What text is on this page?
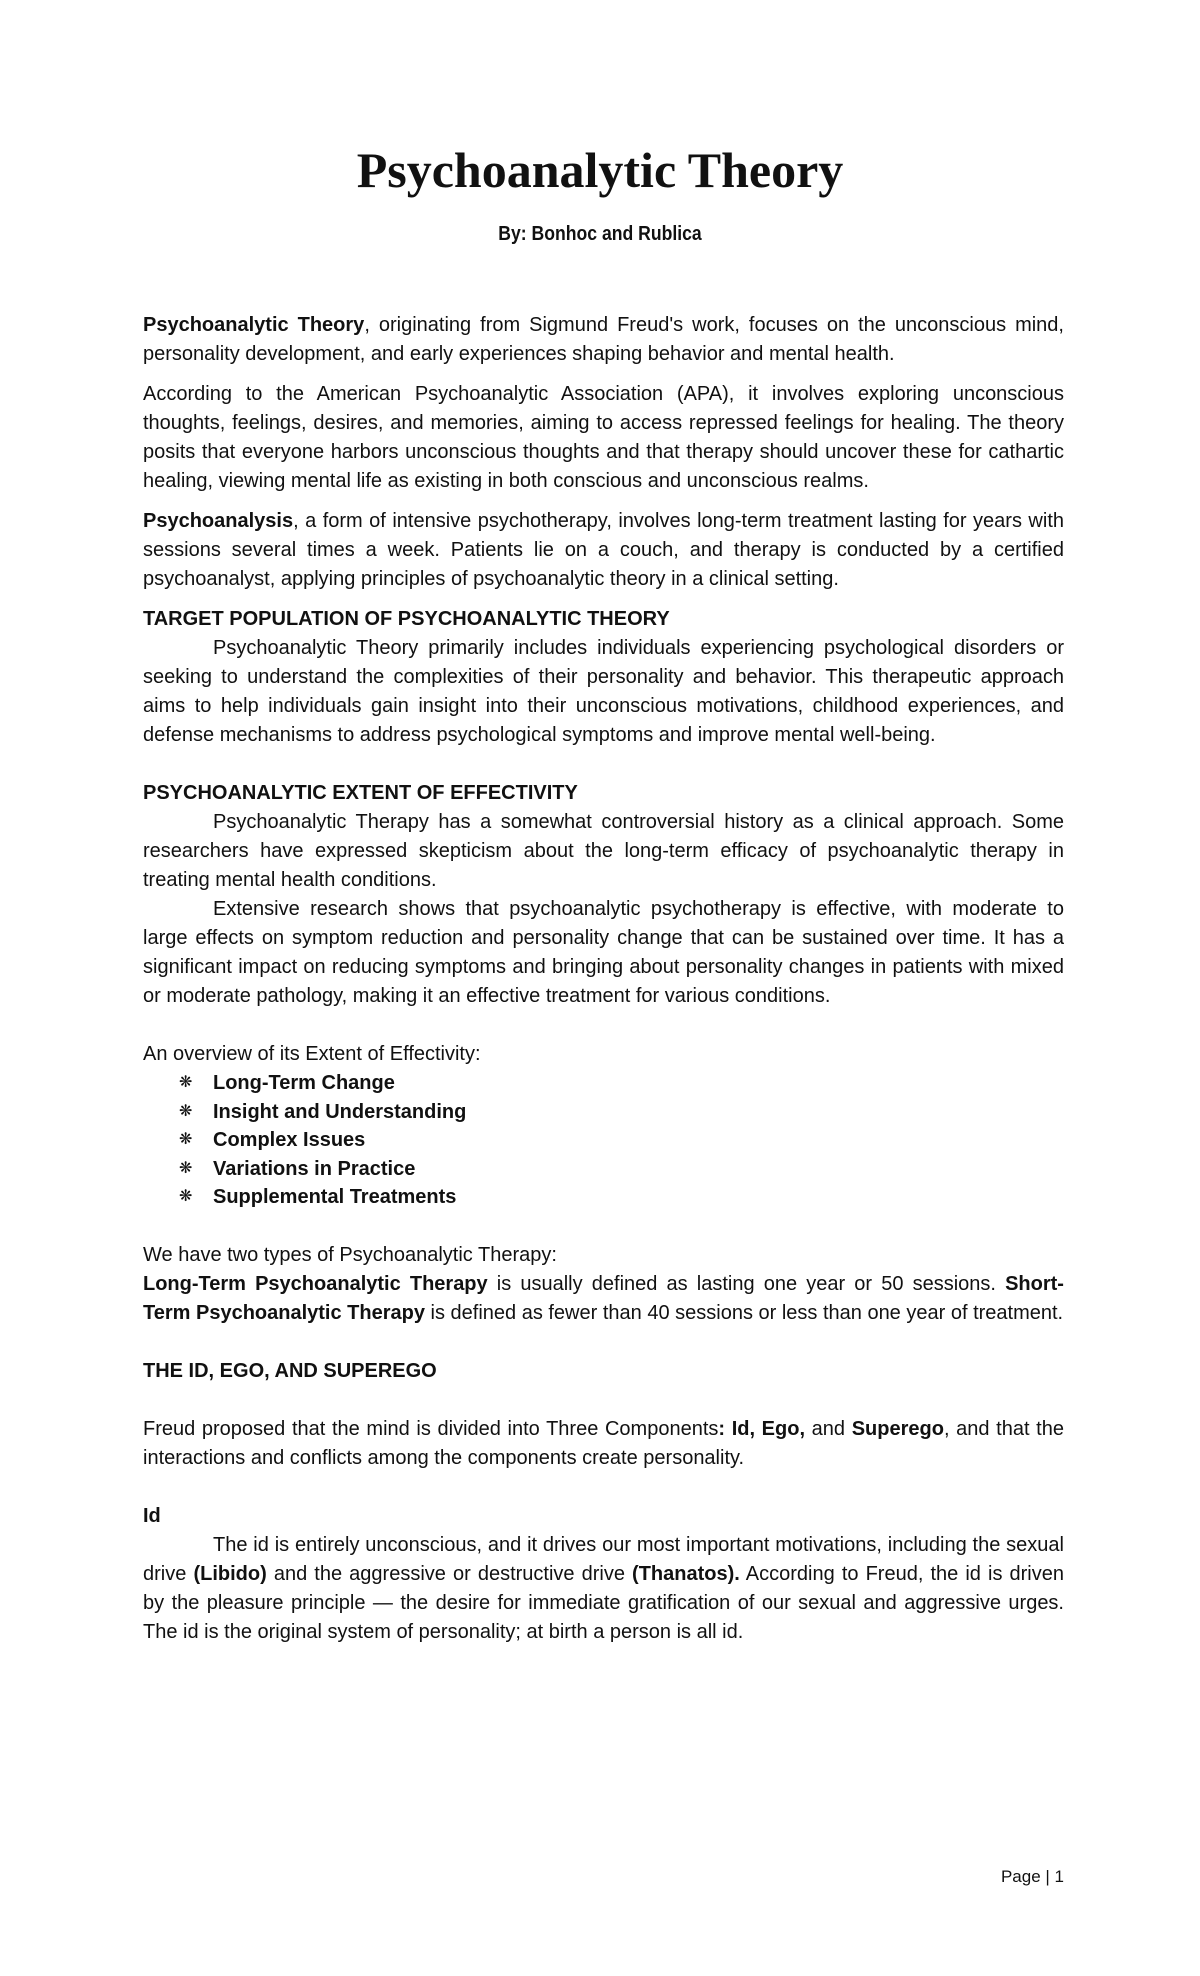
Psychoanalytic Theory
By: Bonhoc and Rublica

Psychoanalytic Theory, originating from Sigmund Freud's work, focuses on the unconscious mind, personality development, and early experiences shaping behavior and mental health.

According to the American Psychoanalytic Association (APA), it involves exploring unconscious thoughts, feelings, desires, and memories, aiming to access repressed feelings for healing. The theory posits that everyone harbors unconscious thoughts and that therapy should uncover these for cathartic healing, viewing mental life as existing in both conscious and unconscious realms.

Psychoanalysis, a form of intensive psychotherapy, involves long-term treatment lasting for years with sessions several times a week. Patients lie on a couch, and therapy is conducted by a certified psychoanalyst, applying principles of psychoanalytic theory in a clinical setting.

TARGET POPULATION OF PSYCHOANALYTIC THEORY

Psychoanalytic Theory primarily includes individuals experiencing psychological disorders or seeking to understand the complexities of their personality and behavior. This therapeutic approach aims to help individuals gain insight into their unconscious motivations, childhood experiences, and defense mechanisms to address psychological symptoms and improve mental well-being.

PSYCHOANALYTIC EXTENT OF EFFECTIVITY

Psychoanalytic Therapy has a somewhat controversial history as a clinical approach. Some researchers have expressed skepticism about the long-term efficacy of psychoanalytic therapy in treating mental health conditions.

Extensive research shows that psychoanalytic psychotherapy is effective, with moderate to large effects on symptom reduction and personality change that can be sustained over time. It has a significant impact on reducing symptoms and bringing about personality changes in patients with mixed or moderate pathology, making it an effective treatment for various conditions.

An overview of its Extent of Effectivity:

❋	Long-Term Change
❋	Insight and Understanding
❋	Complex Issues
❋	Variations in Practice
❋	Supplemental Treatments

We have two types of Psychoanalytic Therapy:

Long-Term Psychoanalytic Therapy is usually defined as lasting one year or 50 sessions. Short-Term Psychoanalytic Therapy is defined as fewer than 40 sessions or less than one year of treatment.

THE ID, EGO, AND SUPEREGO

Freud proposed that the mind is divided into Three Components: Id, Ego, and Superego, and that the interactions and conflicts among the components create personality.

Id

The id is entirely unconscious, and it drives our most important motivations, including the sexual drive (Libido) and the aggressive or destructive drive (Thanatos). According to Freud, the id is driven by the pleasure principle — the desire for immediate gratification of our sexual and aggressive urges. The id is the original system of personality; at birth a person is all id.

Page | 1
